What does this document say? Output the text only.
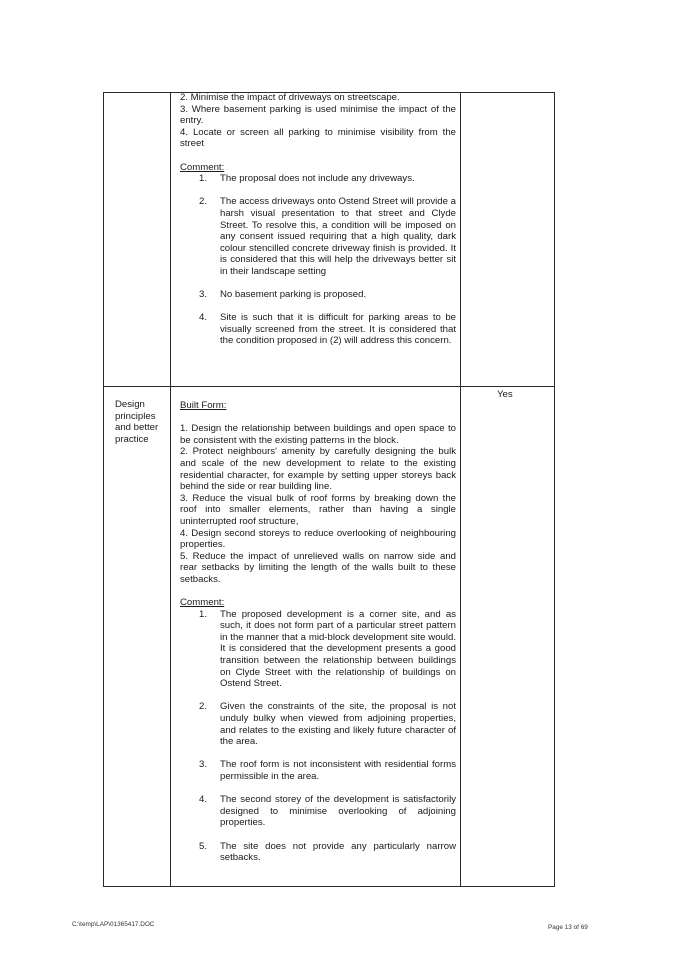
2. Minimise the impact of driveways on streetscape.

3. Where basement parking is used minimise the impact of the entry.

4. Locate or screen all parking to minimise visibility from the street

Comment:

1. The proposal does not include any driveways.
2. The access driveways onto Ostend Street will provide a harsh visual presentation to that street and Clyde Street. To resolve this, a condition will be imposed on any consent issued requiring that a high quality, dark colour stencilled concrete driveway finish is provided. It is considered that this will help the driveways better sit in their landscape setting
3. No basement parking is proposed.
4. Site is such that it is difficult for parking areas to be visually screened from the street. It is considered that the condition proposed in (2) will address this concern.

Design principles and better practice

Yes

Built Form:

1. Design the relationship between buildings and open space to be consistent with the existing patterns in the block.

2. Protect neighbours' amenity by carefully designing the bulk and scale of the new development to relate to the existing residential character, for example by setting upper storeys back behind the side or rear building line.

3. Reduce the visual bulk of roof forms by breaking down the roof into smaller elements, rather than having a single uninterrupted roof structure,

4. Design second storeys to reduce overlooking of neighbouring properties.

5. Reduce the impact of unrelieved walls on narrow side and rear setbacks by limiting the length of the walls built to these setbacks.

Comment:

1. The proposed development is a corner site, and as such, it does not form part of a particular street pattern in the manner that a mid-block development site would. It is considered that the development presents a good transition between the relationship between buildings on Clyde Street with the relationship of buildings on Ostend Street.
2. Given the constraints of the site, the proposal is not unduly bulky when viewed from adjoining properties, and relates to the existing and likely future character of the area.
3. The roof form is not inconsistent with residential forms permissible in the area.
4. The second storey of the development is satisfactorily designed to minimise overlooking of adjoining properties.
5. The site does not provide any particularly narrow setbacks.
C:\temp\LAP\01365417.DOC	Page 13 of 69
